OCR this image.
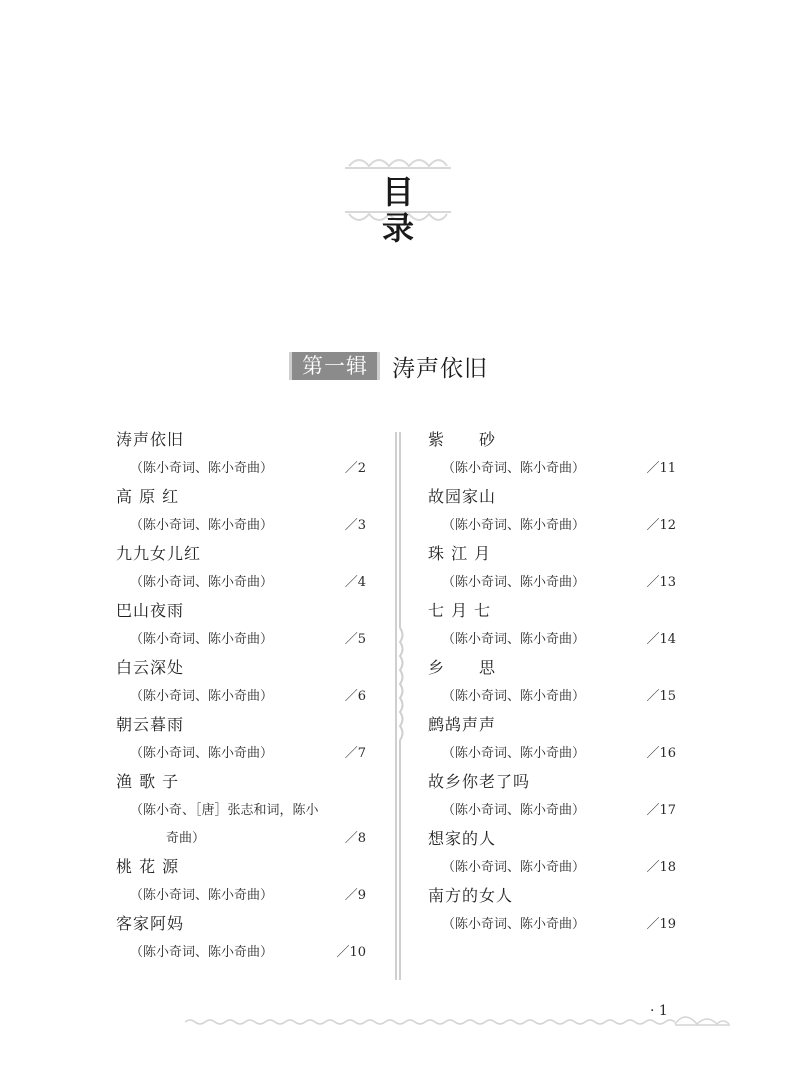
目　录
第一辑	涛声依旧
涛声依旧
（陈小奇词、陈小奇曲）	／2
高 原 红
（陈小奇词、陈小奇曲）	／3
九九女儿红
（陈小奇词、陈小奇曲）	／4
巴山夜雨
（陈小奇词、陈小奇曲）	／5
白云深处
（陈小奇词、陈小奇曲）	／6
朝云暮雨
（陈小奇词、陈小奇曲）	／7
渔 歌 子
（陈小奇、［唐］张志和词，陈小
奇曲）	／8
桃 花 源
（陈小奇词、陈小奇曲）	／9
客家阿妈
（陈小奇词、陈小奇曲）	／10
紫　　砂
（陈小奇词、陈小奇曲）	／11
故园家山
（陈小奇词、陈小奇曲）	／12
珠 江 月
（陈小奇词、陈小奇曲）	／13
七 月 七
（陈小奇词、陈小奇曲）	／14
乡　　思
（陈小奇词、陈小奇曲）	／15
鹧鸪声声
（陈小奇词、陈小奇曲）	／16
故乡你老了吗
（陈小奇词、陈小奇曲）	／17
想家的人
（陈小奇词、陈小奇曲）	／18
南方的女人
（陈小奇词、陈小奇曲）	／19
· 1
